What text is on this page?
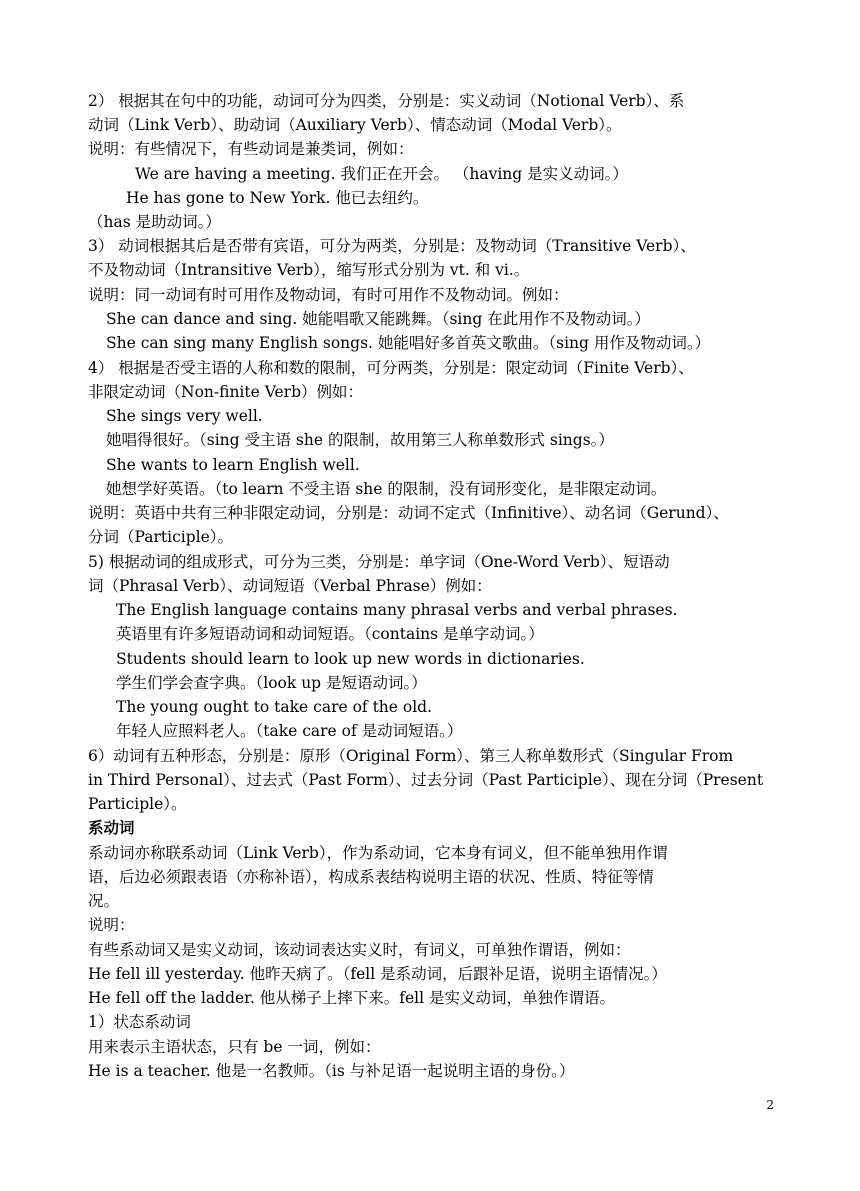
2） 根据其在句中的功能，动词可分为四类，分别是：实义动词（Notional Verb）、系
动词（Link Verb）、助动词（Auxiliary Verb）、情态动词（Modal Verb）。
说明：有些情况下，有些动词是兼类词，例如：
We are having a meeting. 我们正在开会。 （having 是实义动词。）
He has gone to New York. 他已去纽约。
（has 是助动词。）
3） 动词根据其后是否带有宾语，可分为两类，分别是：及物动词（Transitive Verb）、
不及物动词（Intransitive Verb），缩写形式分别为 vt. 和 vi.。
说明：同一动词有时可用作及物动词，有时可用作不及物动词。例如：
She can dance and sing. 她能唱歌又能跳舞。（sing 在此用作不及物动词。）
She can sing many English songs. 她能唱好多首英文歌曲。（sing 用作及物动词。）
4） 根据是否受主语的人称和数的限制，可分两类，分别是：限定动词（Finite Verb）、
非限定动词（Non-finite Verb）例如：
She sings very well.
她唱得很好。（sing 受主语 she 的限制，故用第三人称单数形式 sings。）
She wants to learn English well.
她想学好英语。（to learn 不受主语 she 的限制，没有词形变化，是非限定动词。
说明：英语中共有三种非限定动词，分别是：动词不定式（Infinitive）、动名词（Gerund）、
分词（Participle）。
5) 根据动词的组成形式，可分为三类，分别是：单字词（One-Word Verb）、短语动
词（Phrasal Verb）、动词短语（Verbal Phrase）例如：
The English language contains many phrasal verbs and verbal phrases.
英语里有许多短语动词和动词短语。（contains 是单字动词。）
Students should learn to look up new words in dictionaries.
学生们学会查字典。（look up 是短语动词。）
The young ought to take care of the old.
年轻人应照料老人。（take care of 是动词短语。）
6）动词有五种形态，分别是：原形（Original Form）、第三人称单数形式（Singular From
in Third Personal）、过去式（Past Form）、过去分词（Past Participle）、现在分词（Present
Participle）。
系动词
系动词亦称联系动词（Link Verb），作为系动词，它本身有词义，但不能单独用作谓
语，后边必须跟表语（亦称补语），构成系表结构说明主语的状况、性质、特征等情
况。
说明：
有些系动词又是实义动词，该动词表达实义时，有词义，可单独作谓语，例如：
He fell ill yesterday. 他昨天病了。（fell 是系动词，后跟补足语，说明主语情况。）
He fell off the ladder. 他从梯子上摔下来。fell 是实义动词，单独作谓语。
1）状态系动词
用来表示主语状态，只有 be 一词，例如：
He is a teacher. 他是一名教师。（is 与补足语一起说明主语的身份。）
2
